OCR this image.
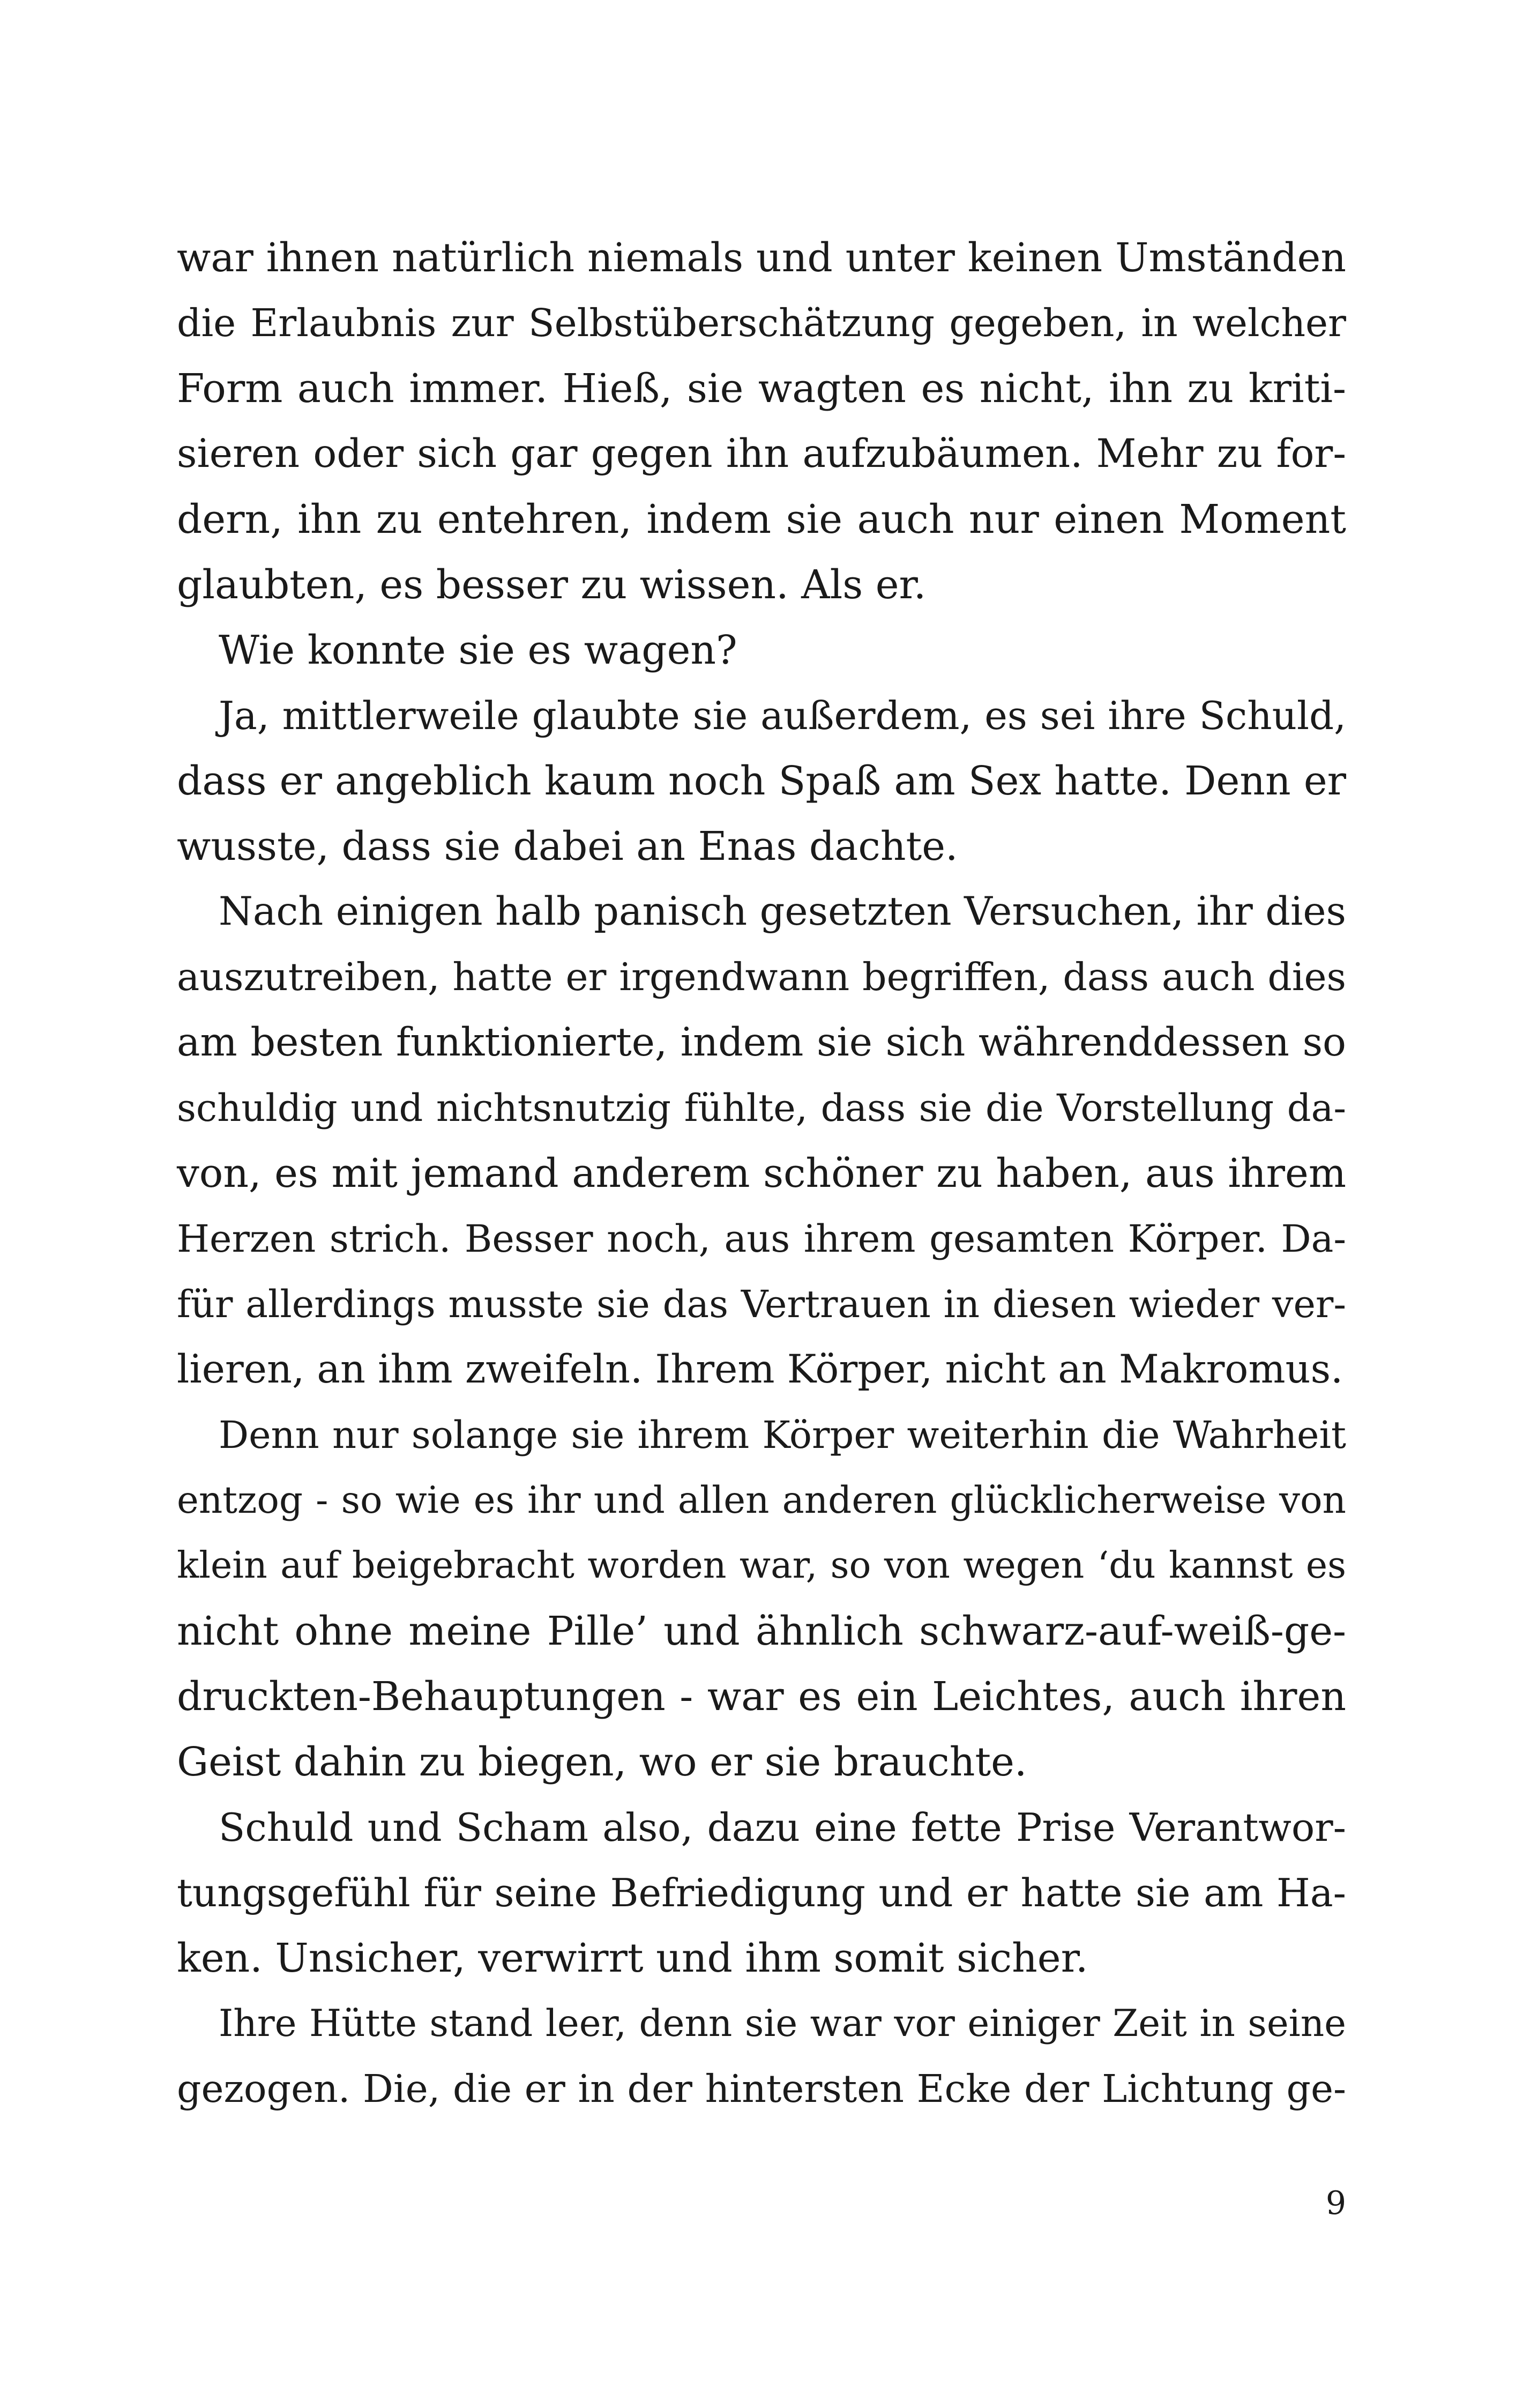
war ihnen natürlich niemals und unter keinen Umständen
die Erlaubnis zur Selbstüberschätzung gegeben, in welcher
Form auch immer. Hieß, sie wagten es nicht, ihn zu kriti-
sieren oder sich gar gegen ihn aufzubäumen. Mehr zu for-
dern, ihn zu entehren, indem sie auch nur einen Moment
glaubten, es besser zu wissen. Als er.
Wie konnte sie es wagen?
Ja, mittlerweile glaubte sie außerdem, es sei ihre Schuld,
dass er angeblich kaum noch Spaß am Sex hatte. Denn er
wusste, dass sie dabei an Enas dachte.
Nach einigen halb panisch gesetzten Versuchen, ihr dies
auszutreiben, hatte er irgendwann begriffen, dass auch dies
am besten funktionierte, indem sie sich währenddessen so
schuldig und nichtsnutzig fühlte, dass sie die Vorstellung da-
von, es mit jemand anderem schöner zu haben, aus ihrem
Herzen strich. Besser noch, aus ihrem gesamten Körper. Da-
für allerdings musste sie das Vertrauen in diesen wieder ver-
lieren, an ihm zweifeln. Ihrem Körper, nicht an Makromus.
Denn nur solange sie ihrem Körper weiterhin die Wahrheit
entzog - so wie es ihr und allen anderen glücklicherweise von
klein auf beigebracht worden war, so von wegen ‘du kannst es
nicht ohne meine Pille’ und ähnlich schwarz-auf-weiß-ge-
druckten-Behauptungen - war es ein Leichtes, auch ihren
Geist dahin zu biegen, wo er sie brauchte.
Schuld und Scham also, dazu eine fette Prise Verantwor-
tungsgefühl für seine Befriedigung und er hatte sie am Ha-
ken. Unsicher, verwirrt und ihm somit sicher.
Ihre Hütte stand leer, denn sie war vor einiger Zeit in seine
gezogen. Die, die er in der hintersten Ecke der Lichtung ge-
9
